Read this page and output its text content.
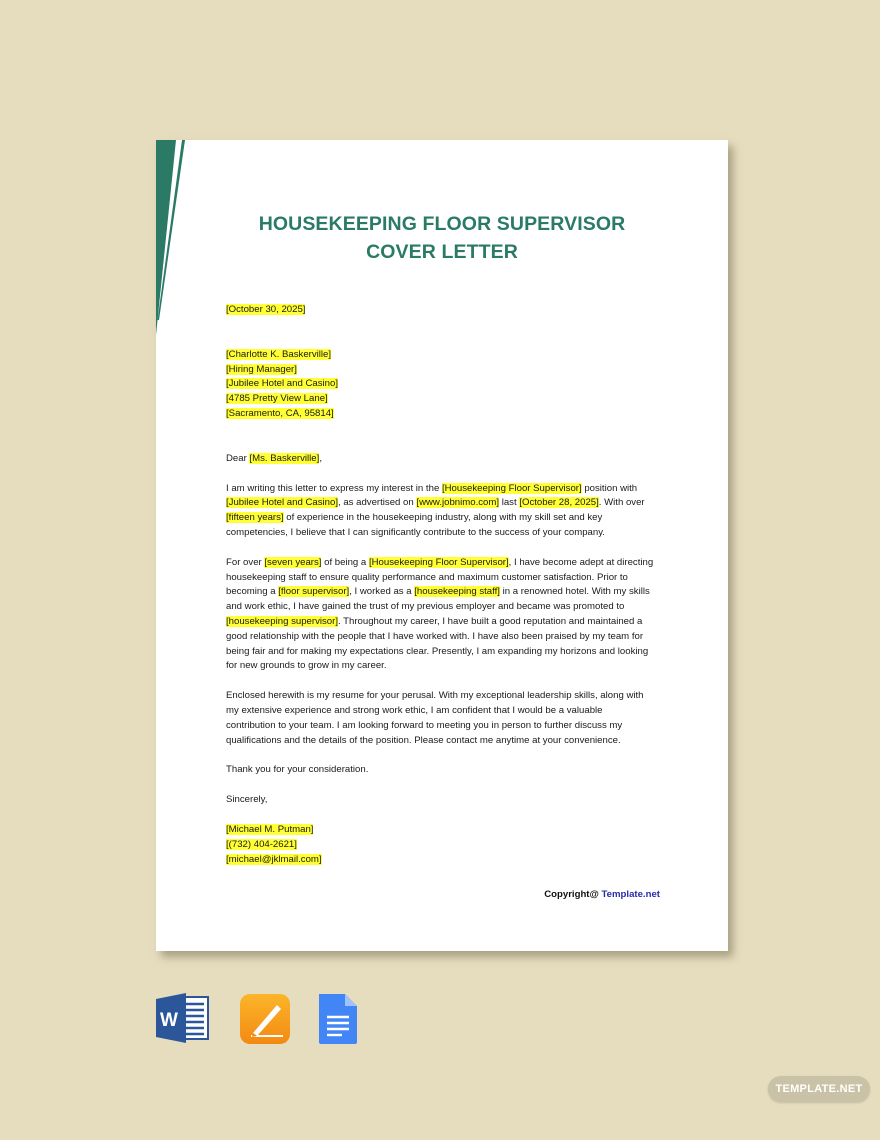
HOUSEKEEPING FLOOR SUPERVISOR
COVER LETTER

[October 30, 2025]

[Charlotte K. Baskerville]

[Hiring Manager]

[Jubilee Hotel and Casino]

[4785 Pretty View Lane]

[Sacramento, CA, 95814]

Dear [Ms. Baskerville],

I am writing this letter to express my interest in the [Housekeeping Floor Supervisor] position with

[Jubilee Hotel and Casino], as advertised on [www.jobnimo.com] last [October 28, 2025]. With over

[fifteen years] of experience in the housekeeping industry, along with my skill set and key

competencies, I believe that I can significantly contribute to the success of your company.

For over [seven years] of being a [Housekeeping Floor Supervisor], I have become adept at directing

housekeeping staff to ensure quality performance and maximum customer satisfaction. Prior to

becoming a [floor supervisor], I worked as a [housekeeping staff] in a renowned hotel. With my skills

and work ethic, I have gained the trust of my previous employer and became was promoted to

[housekeeping supervisor]. Throughout my career, I have built a good reputation and maintained a

good relationship with the people that I have worked with. I have also been praised by my team for

being fair and for making my expectations clear. Presently, I am expanding my horizons and looking

for new grounds to grow in my career.

Enclosed herewith is my resume for your perusal. With my exceptional leadership skills, along with

my extensive experience and strong work ethic, I am confident that I would be a valuable

contribution to your team. I am looking forward to meeting you in person to further discuss my

qualifications and the details of the position. Please contact me anytime at your convenience.

Thank you for your consideration.

Sincerely,

[Michael M. Putman]

[(732) 404-2621]

[michael@jklmail.com]

Copyright@ Template.net
W
TEMPLATE.NET
